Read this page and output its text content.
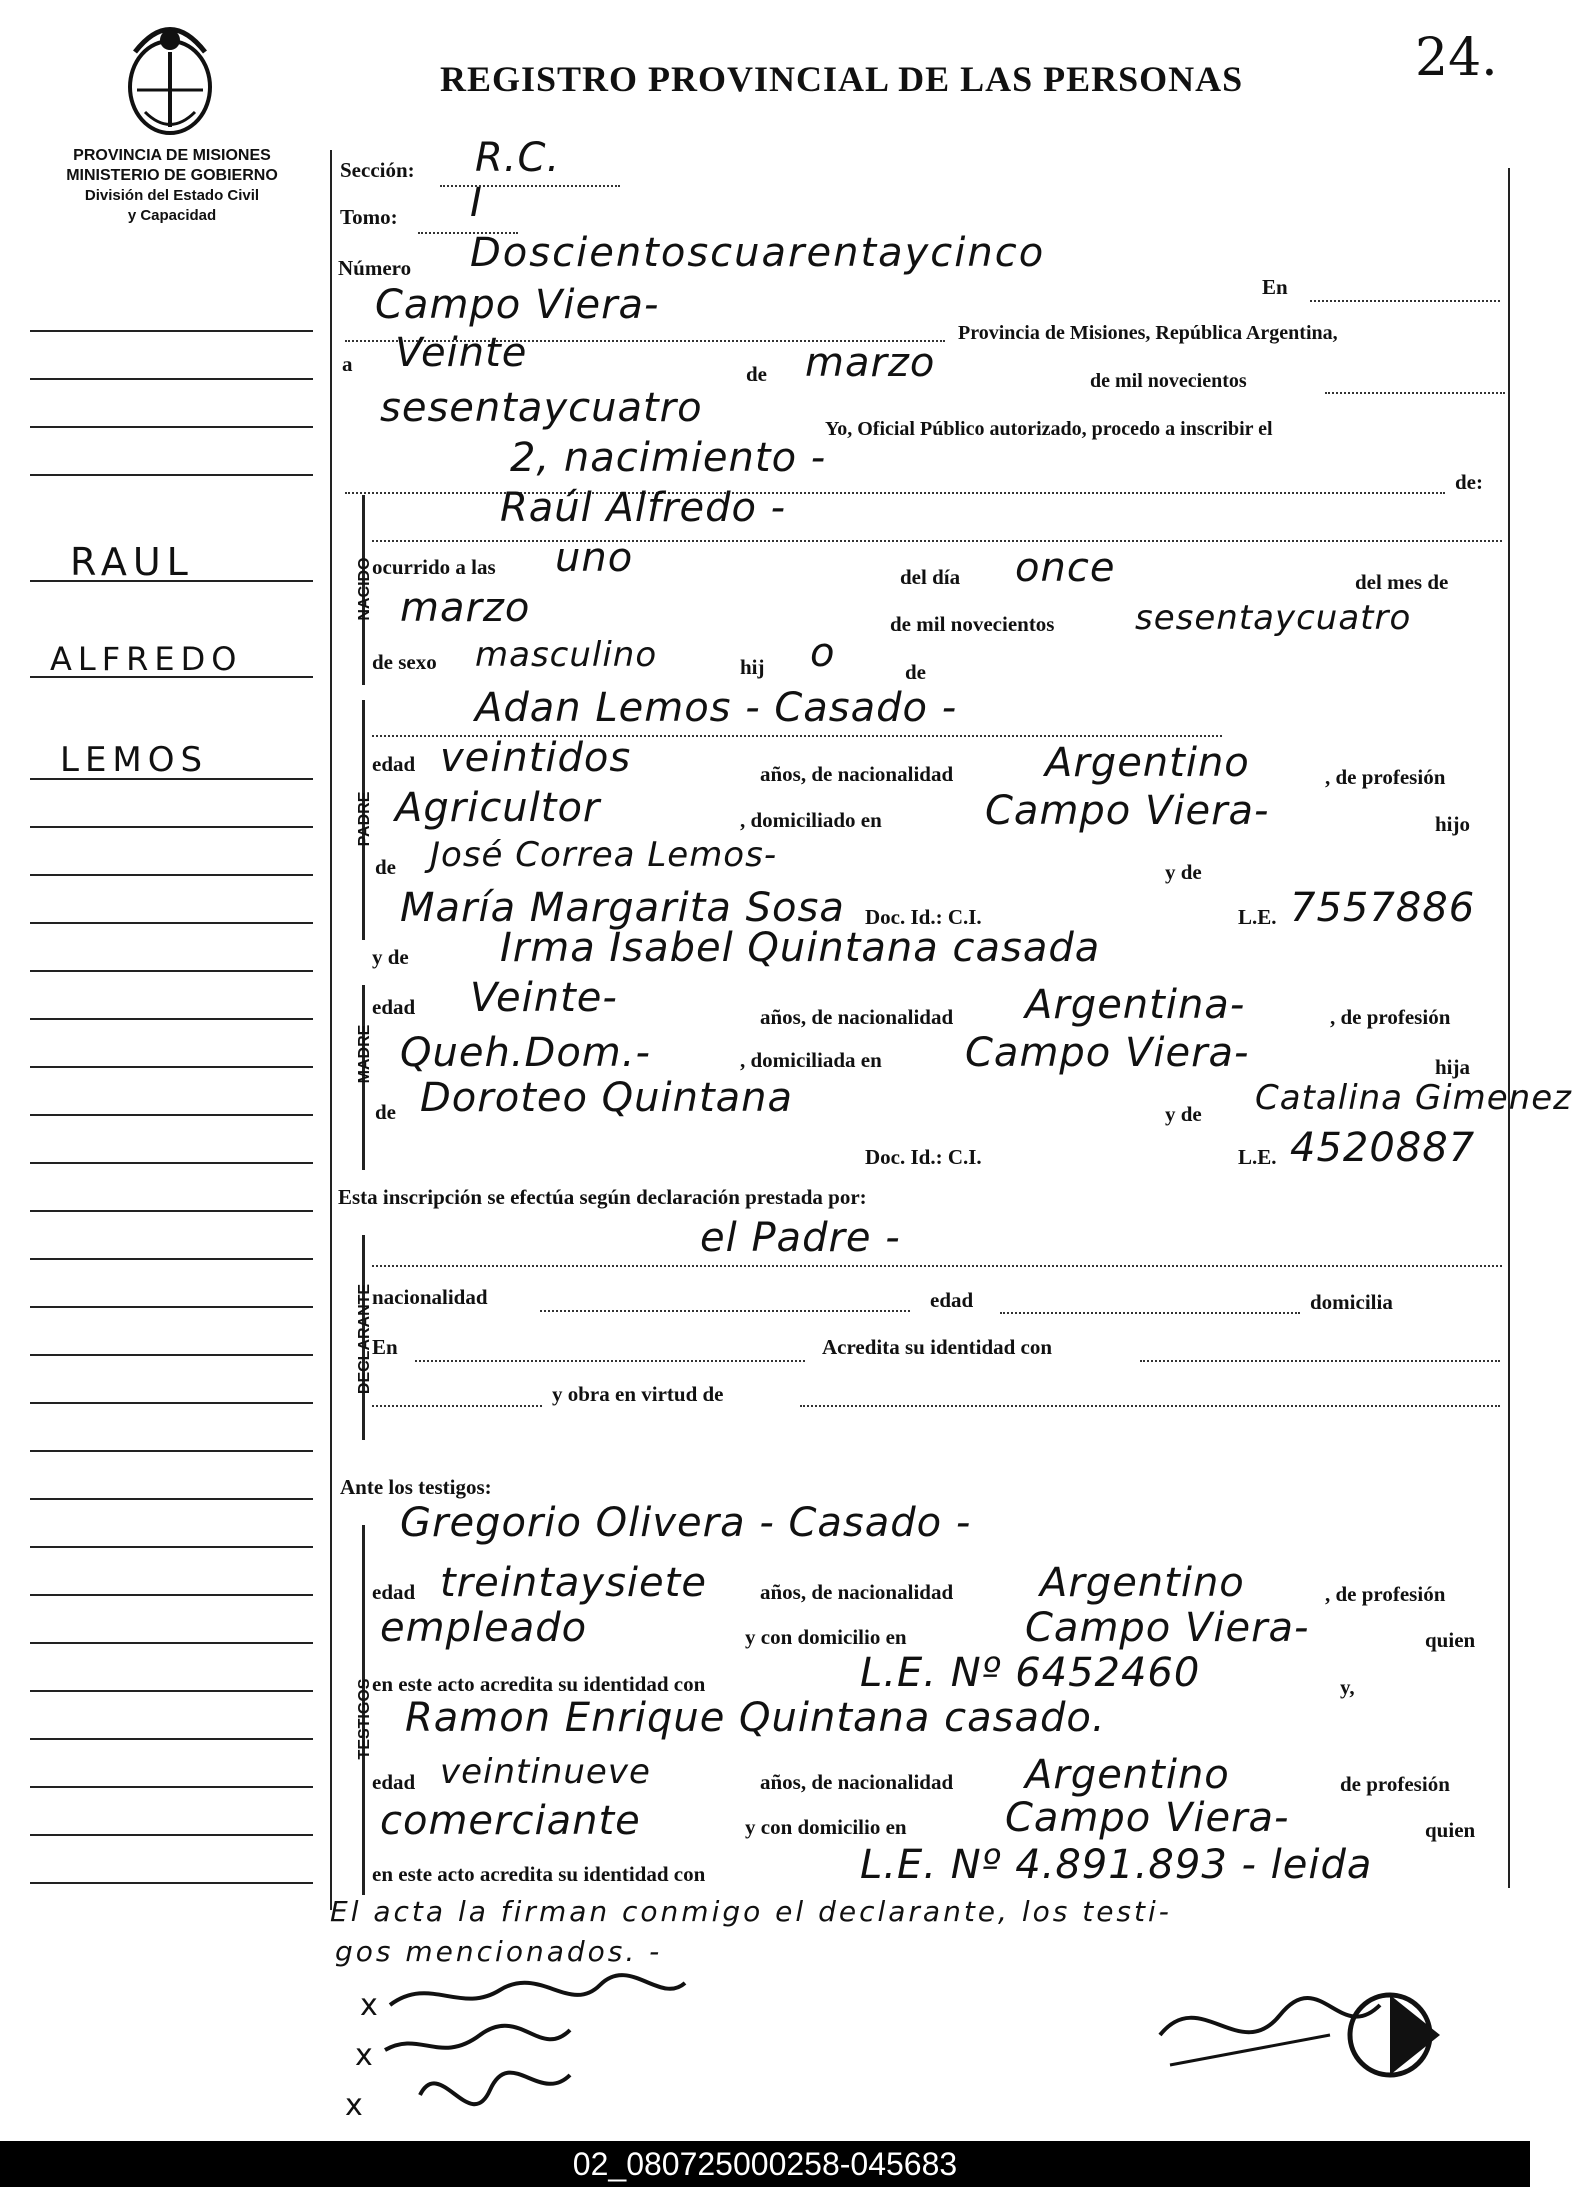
REGISTRO PROVINCIAL DE LAS PERSONAS	24.
PROVINCIA DE MISIONES
MINISTERIO DE GOBIERNO
División del Estado Civil
y Capacidad
RAUL
ALFREDO
LEMOS
Sección: R.C.
Tomo: I
Número Doscientoscuarentaycinco
En
Campo Viera-
Provincia de Misiones, República Argentina,
a Veinte	de marzo	de mil novecientos
sesentaycuatro	Yo, Oficial Público autorizado, procedo a inscribir el
2, nacimiento -
de:
NACIDO
Raúl Alfredo -
ocurrido a las uno	del día once	del mes de
marzo	de mil novecientos sesentaycuatro
de sexo masculino	hij o	de
PADRE
Adan Lemos - Casado -
edad veintidos	años, de nacionalidad Argentino	, de profesión
Agricultor	, domiciliado en	Campo Viera-	hijo
de José Correa Lemos-	y de
María Margarita Sosa Doc. Id.: C.I.	L.E. 7557886
y de Irma Isabel Quintana casada
MADRE
edad Veinte-	años, de nacionalidad Argentina-	, de profesión
Queh.Dom.-	, domiciliada en Campo Viera-	hija
de Doroteo Quintana	y de Catalina Gimenez
Doc. Id.: C.I.	L.E. 4520887
Esta inscripción se efectúa según declaración prestada por:
el Padre -
DECLARANTE nacionalidad	edad	domicilia
En	Acredita su identidad con
y obra en virtud de
Ante los testigos:
Gregorio Olivera - Casado -
TESTIGOS
edad treintaysiete	años, de nacionalidad Argentino	, de profesión
empleado	y con domicilio en	Campo Viera-	quien
en este acto acredita su identidad con	L.E. Nº 6452460	y,
Ramon Enrique Quintana casado.
edad veintinueve	años, de nacionalidad Argentino	de profesión
comerciante	y con domicilio en Campo Viera-	quien
en este acto acredita su identidad con	L.E. Nº 4.891.893 - leida
El acta la firman conmigo el declarante, los testi-
gos mencionados. -
x
x
x
02_080725000258-045683
